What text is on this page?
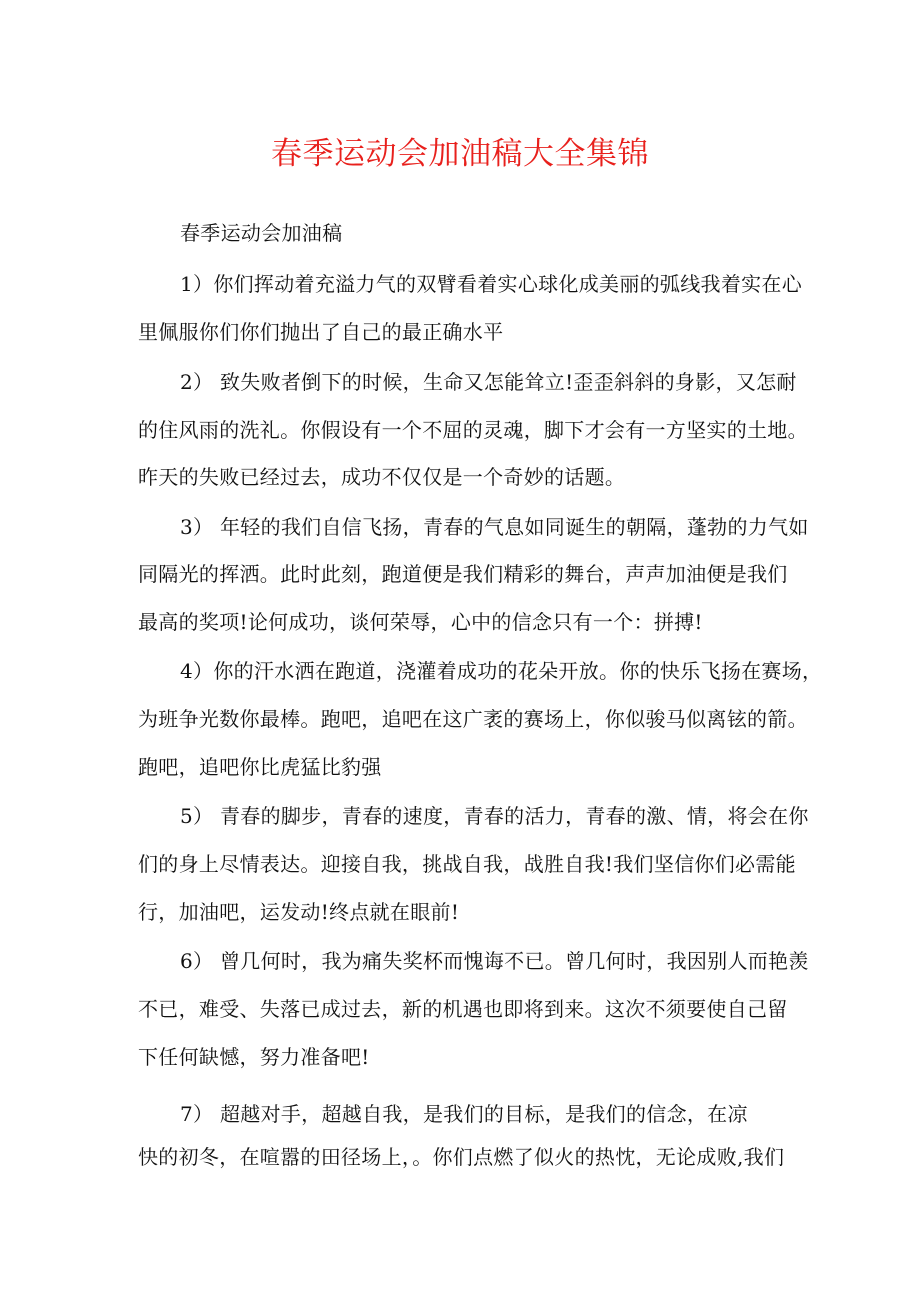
春季运动会加油稿大全集锦
春季运动会加油稿
1）你们挥动着充溢力气的双臂看着实心球化成美丽的弧线我着实在心
里佩服你们你们抛出了自己的最正确水平
2） 致失败者倒下的时候，生命又怎能耸立!歪歪斜斜的身影，又怎耐
的住风雨的洗礼。你假设有一个不屈的灵魂，脚下才会有一方坚实的土地。
昨天的失败已经过去，成功不仅仅是一个奇妙的话题。
3） 年轻的我们自信飞扬，青春的气息如同诞生的朝隔，蓬勃的力气如
同隔光的挥洒。此时此刻，跑道便是我们精彩的舞台，声声加油便是我们
最高的奖项!论何成功，谈何荣辱，心中的信念只有一个：拼搏!
4）你的汗水洒在跑道，浇灌着成功的花朵开放。你的快乐飞扬在赛场，
为班争光数你最棒。跑吧，追吧在这广袤的赛场上，你似骏马似离铉的箭。
跑吧，追吧你比虎猛比豹强
5） 青春的脚步，青春的速度，青春的活力，青春的激、情，将会在你
们的身上尽情表达。迎接自我，挑战自我，战胜自我!我们坚信你们必需能
行，加油吧，运发动!终点就在眼前!
6） 曾几何时，我为痛失奖杯而愧诲不已。曾几何时，我因别人而艳羡
不已，难受、失落已成过去，新的机遇也即将到来。这次不须要使自己留
下任何缺憾，努力准备吧!
7） 超越对手，超越自我，是我们的目标，是我们的信念，在凉
快的初冬，在喧嚣的田径场上，。你们点燃了似火的热忱，无论成败,我们
